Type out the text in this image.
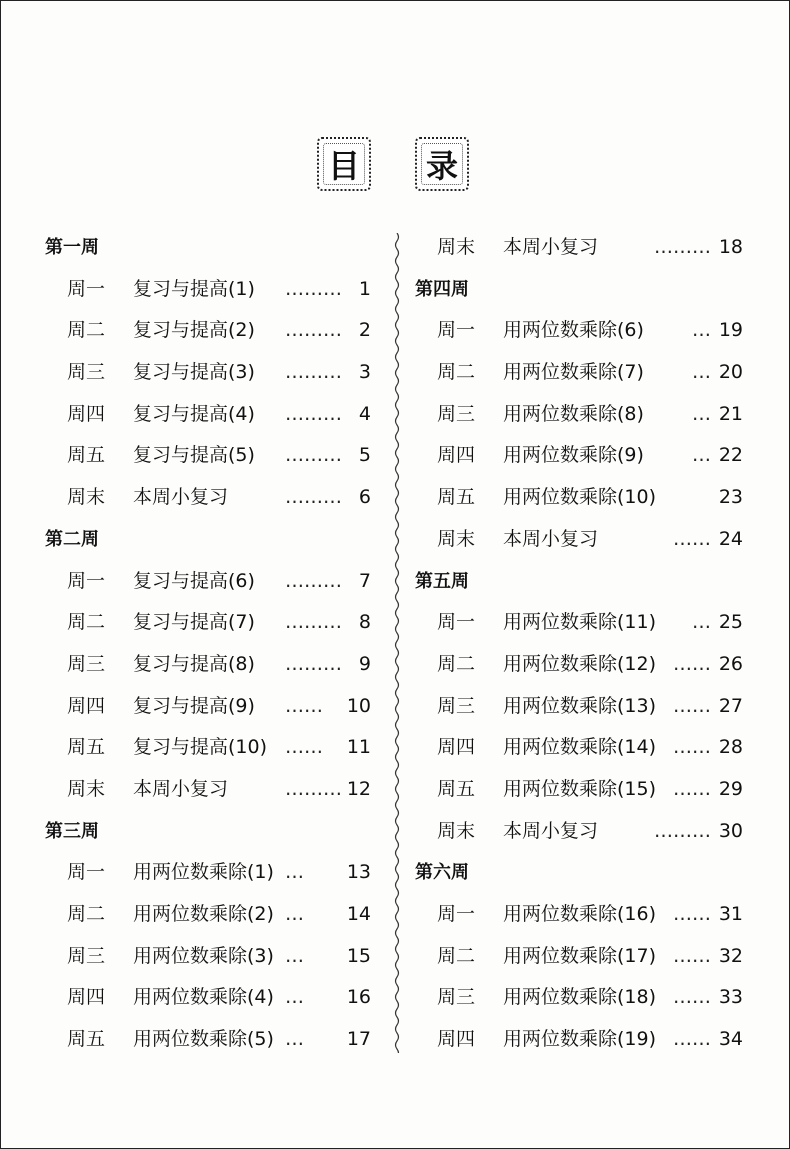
目 录
第一周
周一 复习与提高(1) ……… 1
周二 复习与提高(2) ……… 2
周三 复习与提高(3) ……… 3
周四 复习与提高(4) ……… 4
周五 复习与提高(5) ……… 5
周末 本周小复习	……… 6
第二周
周一 复习与提高(6) ……… 7
周二 复习与提高(7) ……… 8
周三 复习与提高(8) ……… 9
周四 复习与提高(9) ……	10
周五 复习与提高(10) ……	11
周末 本周小复习	……… 12
第三周
周一 用两位数乘除(1) …	13
周二 用两位数乘除(2) …	14
周三 用两位数乘除(3) …	15
周四 用两位数乘除(4) …	16
周五 用两位数乘除(5) …	17
周末 本周小复习	……… 18
第四周
周一 用两位数乘除(6)	… 19
周二 用两位数乘除(7)	… 20
周三 用两位数乘除(8)	… 21
周四 用两位数乘除(9)	… 22
周五 用两位数乘除(10)	23
周末 本周小复习	…… 24
第五周
周一 用两位数乘除(11)	… 25
周二 用两位数乘除(12) …… 26
周三 用两位数乘除(13) …… 27
周四 用两位数乘除(14) …… 28
周五 用两位数乘除(15) …… 29
周末 本周小复习	……… 30
第六周
周一 用两位数乘除(16) …… 31
周二 用两位数乘除(17) …… 32
周三 用两位数乘除(18) …… 33
周四 用两位数乘除(19) …… 34
